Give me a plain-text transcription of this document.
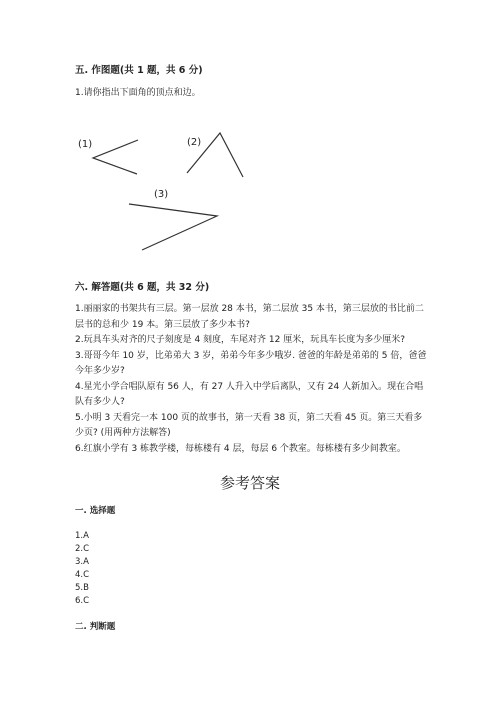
五. 作图题(共 1 题，共 6 分)
1.请你指出下面角的顶点和边。
(1)	(2)
(3)
六. 解答题(共 6 题，共 32 分)

1.丽丽家的书架共有三层。第一层放 28 本书，第二层放 35 本书，第三层放的书比前二层书的总和少 19 本。第三层放了多少本书?

2.玩具车头对齐的尺子刻度是 4 刻度，车尾对齐 12 厘米，玩具车长度为多少厘米?

3.哥哥今年 10 岁，比弟弟大 3 岁，弟弟今年多少哦岁. 爸爸的年龄是弟弟的 5 倍，爸爸今年多少岁?

4.星光小学合唱队原有 56 人，有 27 人升入中学后离队，又有 24 人新加入。现在合唱队有多少人?

5.小明 3 天看完一本 100 页的故事书，第一天看 38 页，第二天看 45 页。第三天看多少页? (用两种方法解答)

6.红旗小学有 3 栋教学楼，每栋楼有 4 层，每层 6 个教室。每栋楼有多少间教室。

参考答案
一. 选择题
1.A
2.C
3.A
4.C
5.B
6.C
二. 判断题
